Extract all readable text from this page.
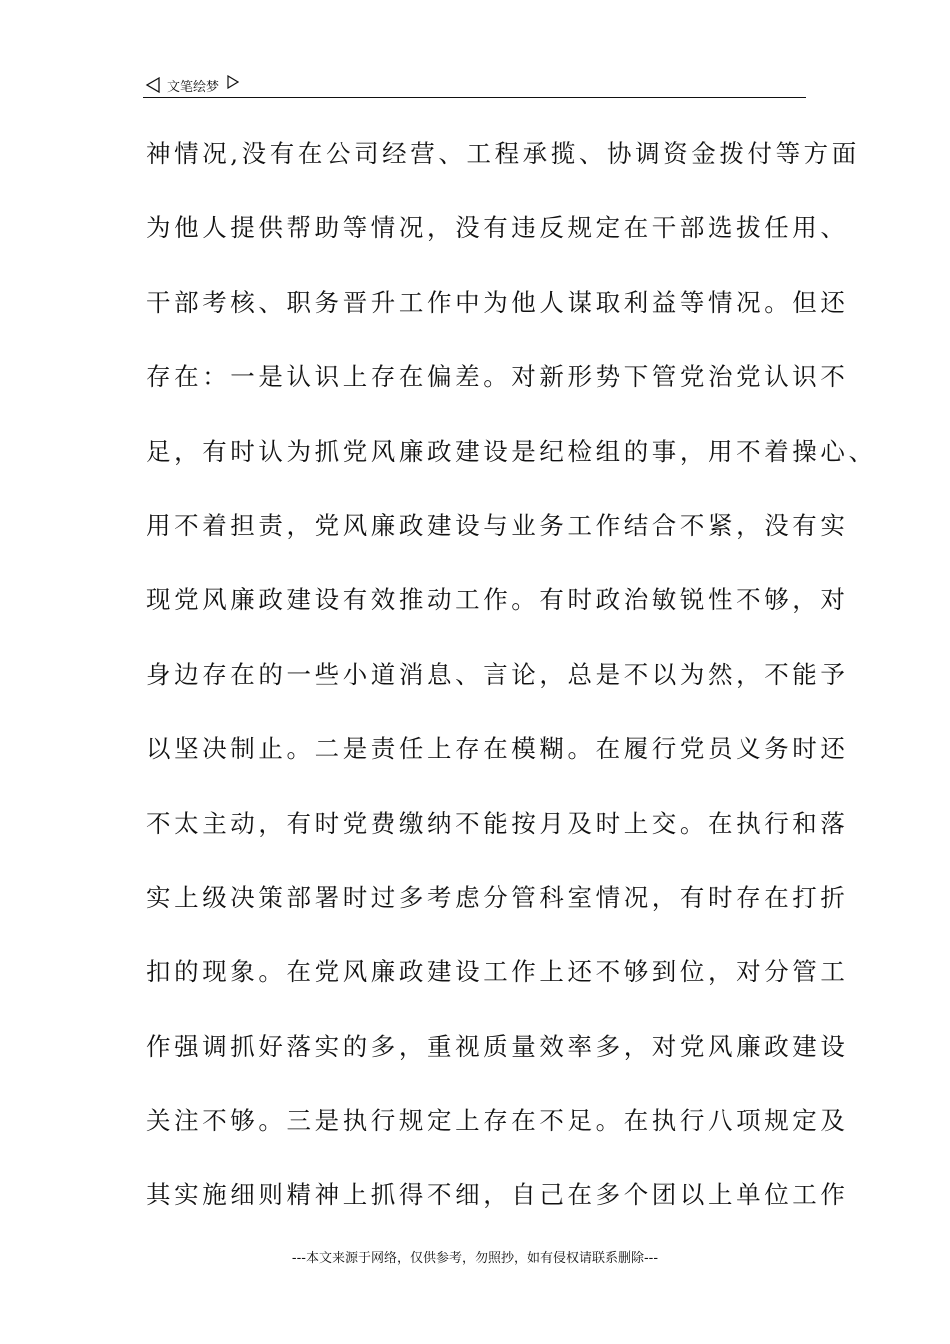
文笔绘梦
神情况,没有在公司经营、工程承揽、协调资金拨付等方面
为他人提供帮助等情况，没有违反规定在干部选拔任用、
干部考核、职务晋升工作中为他人谋取利益等情况。但还
存在：一是认识上存在偏差。对新形势下管党治党认识不
足，有时认为抓党风廉政建设是纪检组的事，用不着操心、
用不着担责，党风廉政建设与业务工作结合不紧，没有实
现党风廉政建设有效推动工作。有时政治敏锐性不够，对
身边存在的一些小道消息、言论，总是不以为然，不能予
以坚决制止。二是责任上存在模糊。在履行党员义务时还
不太主动，有时党费缴纳不能按月及时上交。在执行和落
实上级决策部署时过多考虑分管科室情况，有时存在打折
扣的现象。在党风廉政建设工作上还不够到位，对分管工
作强调抓好落实的多，重视质量效率多，对党风廉政建设
关注不够。三是执行规定上存在不足。在执行八项规定及
其实施细则精神上抓得不细，自己在多个团以上单位工作
---本文来源于网络，仅供参考，勿照抄，如有侵权请联系删除---
